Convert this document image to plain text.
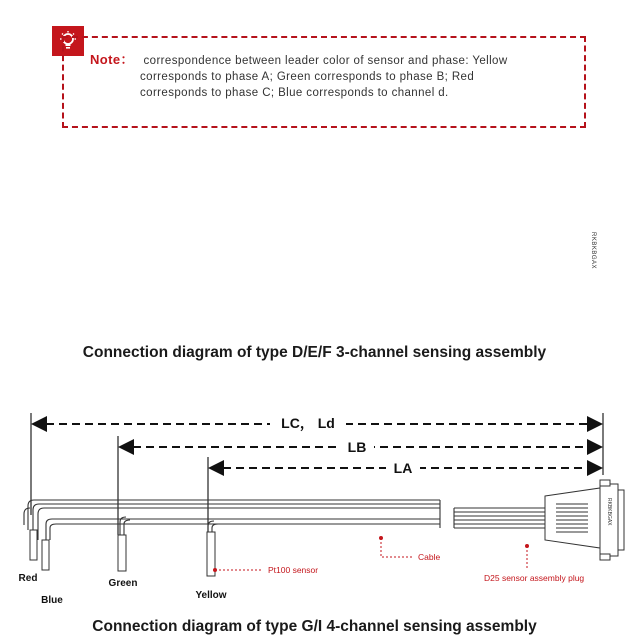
Note： correspondence between leader color of sensor and phase: Yellow
corresponds to phase A; Green corresponds to phase B; Red
corresponds to phase C; Blue corresponds to channel d.
RKBKBGAX
Connection diagram of type D/E/F 3-channel sensing assembly
LC， Ld
LB
LA
Red
Blue
Green
Yellow
RKBKBGAX
Pt100 sensor
Cable
D25 sensor assembly plug
Connection diagram of type G/I 4-channel sensing assembly
